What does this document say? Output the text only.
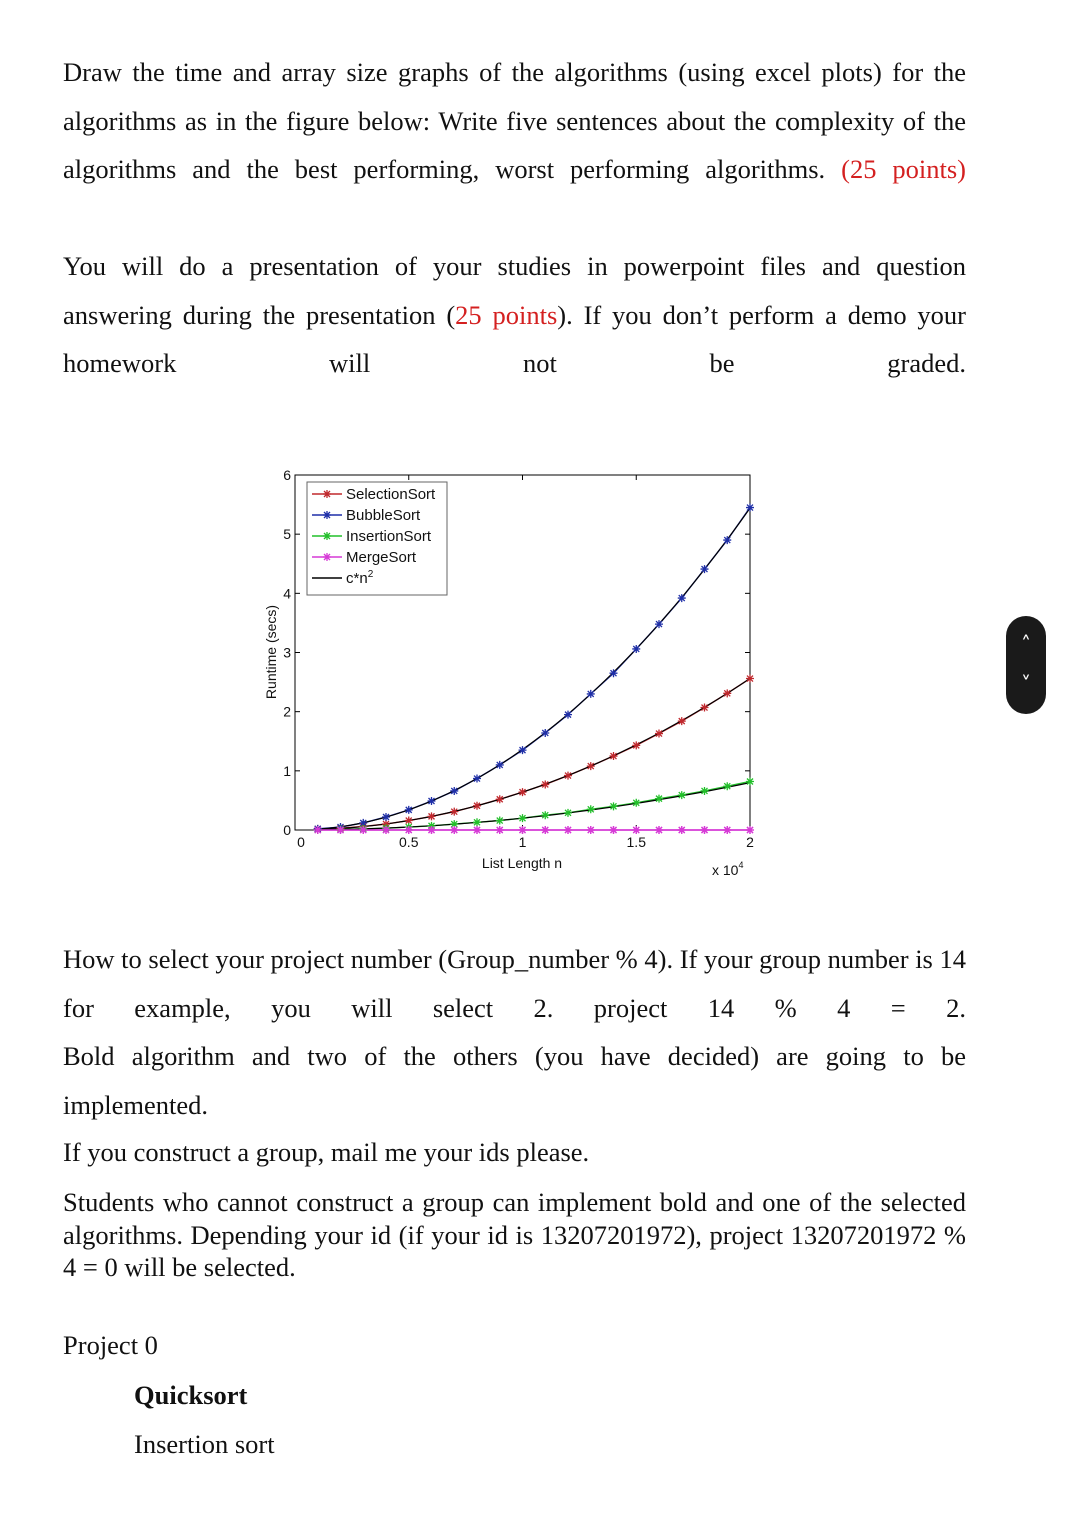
Draw the time and array size graphs of the algorithms (using excel plots) for the algorithms as in the figure below: Write five sentences about the complexity of the algorithms and the best performing, worst performing algorithms. (25 points)

You will do a presentation of your studies in powerpoint files and question answering during the presentation (25 points). If you don’t perform a demo your homework will not be graded.

0	0.5	1	1.5	2
0
1
2
3
4
5
6
List Length n
Runtime (secs)
x $10^4$
SelectionSort
BubbleSort
InsertionSort
MergeSort
$c*n^2$

How to select your project number (Group_number % 4). If your group number is 14 for example, you will select 2. project 14 % 4 = 2.

Bold algorithm and two of the others (you have decided) are going to be implemented.

If you construct a group, mail me your ids please.

Students who cannot construct a group can implement bold and one of the selected algorithms. Depending your id (if your id is 13207201972), project 13207201972 % 4 = 0 will be selected.

Project 0

Quicksort

Insertion sort

˄
˅
